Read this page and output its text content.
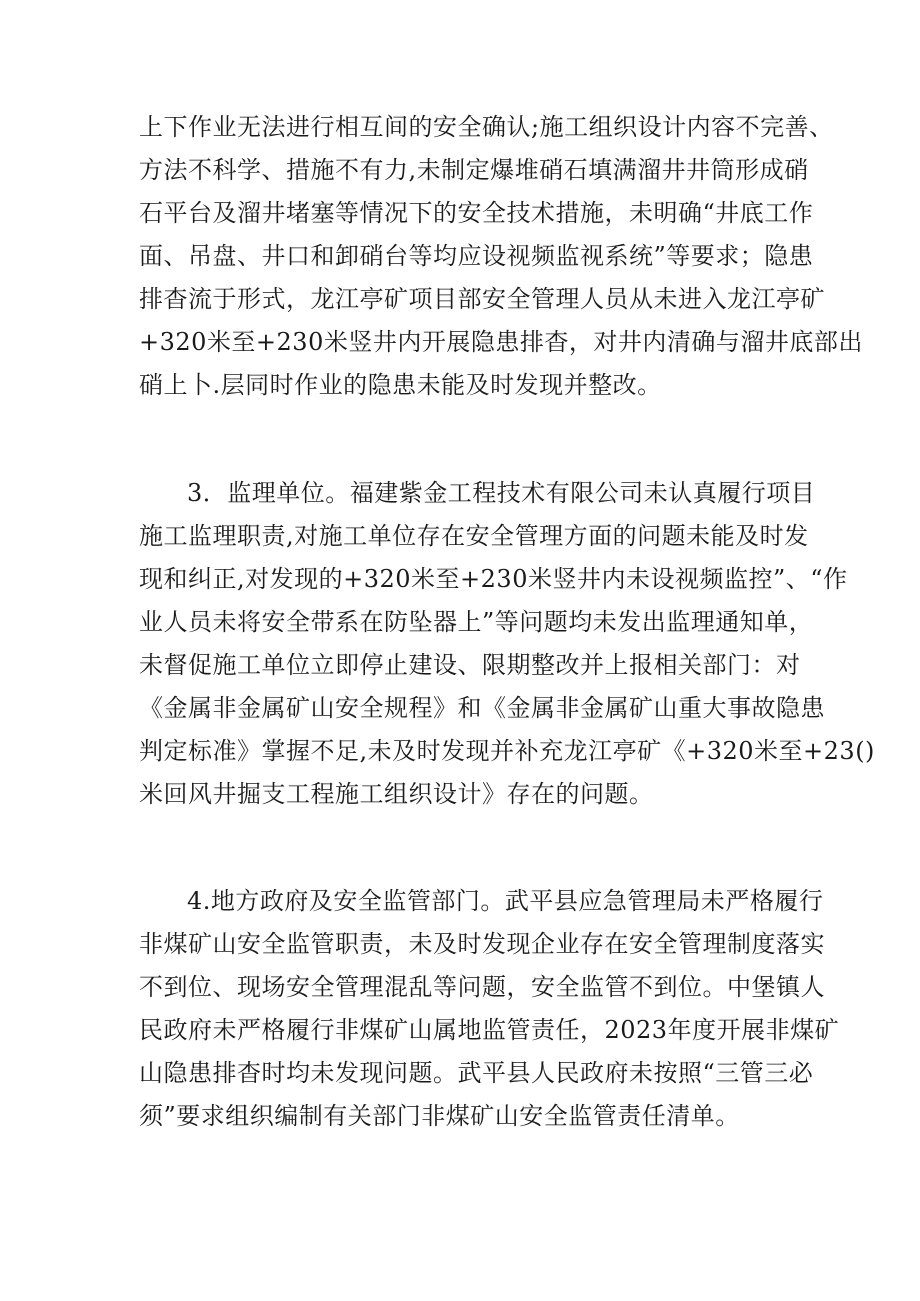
上下作业无法进行相互间的安全确认;施工组织设计内容不完善、
方法不科学、措施不有力,未制定爆堆硝石填满溜井井筒形成硝
石平台及溜井堵塞等情况下的安全技术措施，未明确“井底工作
面、吊盘、井口和卸硝台等均应设视频监视系统”等要求；隐患
排杳流于形式，龙江亭矿项目部安全管理人员从未进入龙江亭矿
+320米至+230米竖井内开展隐患排杳，对井内清确与溜井底部出
硝上卜.层同时作业的隐患未能及时发现并整改。
3．监理单位。福建紫金工程技术有限公司未认真履行项目
施工监理职责,对施工单位存在安全管理方面的问题未能及时发
现和纠正,对发现的+320米至+230米竖井内未设视频监控”、“作
业人员未将安全带系在防坠器上”等问题均未发出监理通知单，
未督促施工单位立即停止建设、限期整改并上报相关部门：对
《金属非金属矿山安全规程》和《金属非金属矿山重大事故隐患
判定标准》掌握不足,未及时发现并补充龙江亭矿《+320米至+23()
米回风井掘支工程施工组织设计》存在的问题。
4.地方政府及安全监管部门。武平县应急管理局未严格履行
非煤矿山安全监管职责，未及时发现企业存在安全管理制度落实
不到位、现场安全管理混乱等问题，安全监管不到位。中堡镇人
民政府未严格履行非煤矿山属地监管责任，2023年度开展非煤矿
山隐患排杳时均未发现问题。武平县人民政府未按照“三管三必
须”要求组织编制有关部门非煤矿山安全监管责任清单。
